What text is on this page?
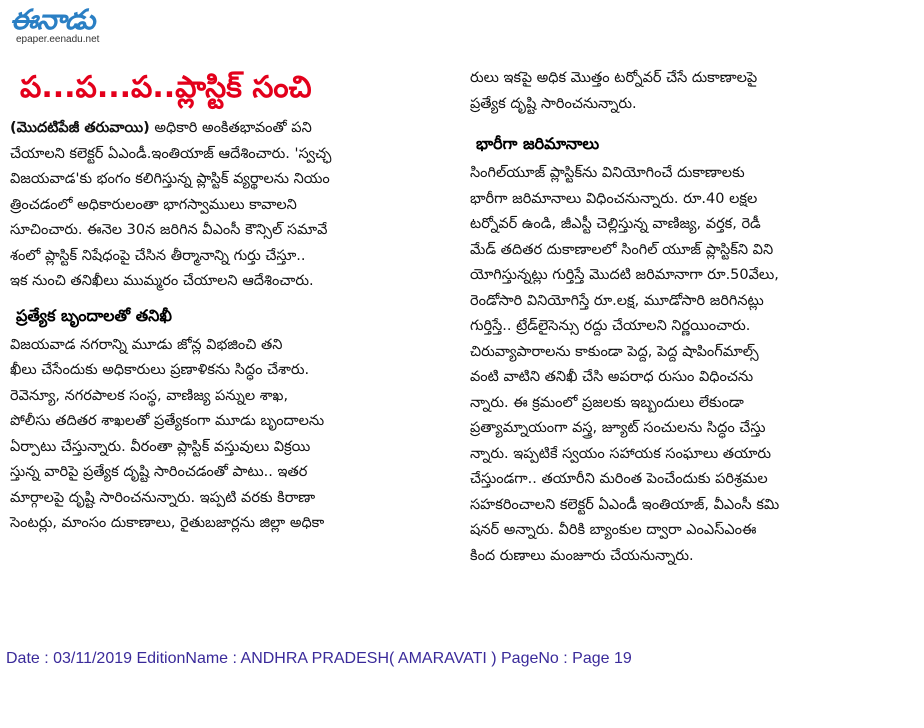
ఈనాడు
epaper.eenadu.net
ప...ప...ప..ప్లాస్టిక్ సంచి

(మొదటిపేజీ తరువాయి) అధికారి అంకితభావంతో పని

చేయాలని కలెక్టర్ ఏఎండీ.ఇంతియాజ్ ఆదేశించారు. 'స్వచ్ఛ

విజయవాడ'కు భంగం కలిగిస్తున్న ప్లాస్టిక్ వ్యర్థాలను నియం

త్రించడంలో అధికారులంతా భాగస్వాములు కావాలని

సూచించారు. ఈనెల 30న జరిగిన వీఎంసీ కౌన్సిల్ సమావే

శంలో ప్లాస్టిక్ నిషేధంపై చేసిన తీర్మానాన్ని గుర్తు చేస్తూ..

ఇక నుంచి తనిఖీలు ముమ్మరం చేయాలని ఆదేశించారు.

ప్రత్యేక బృందాలతో తనిఖీ

విజయవాడ నగరాన్ని మూడు జోన్ల విభజించి తని

ఖీలు చేసేందుకు అధికారులు ప్రణాళికను సిద్ధం చేశారు.

రెవెన్యూ, నగరపాలక సంస్థ, వాణిజ్య పన్నుల శాఖ,

పోలీసు తదితర శాఖలతో ప్రత్యేకంగా మూడు బృందాలను

ఏర్పాటు చేస్తున్నారు. వీరంతా ప్లాస్టిక్ వస్తువులు విక్రయి

స్తున్న వారిపై ప్రత్యేక దృష్టి సారించడంతో పాటు.. ఇతర

మార్గాలపై దృష్టి సారించనున్నారు. ఇప్పటి వరకు కిరాణా

సెంటర్లు, మాంసం దుకాణాలు, రైతుబజార్లను జిల్లా అధికా

రులు ఇకపై అధిక మొత్తం టర్నోవర్ చేసే దుకాణాలపై

ప్రత్యేక దృష్టి సారించనున్నారు.

భారీగా జరిమానాలు

సింగిల్‌యూజ్ ప్లాస్టిక్‌ను వినియోగించే దుకాణాలకు

భారీగా జరిమానాలు విధించనున్నారు. రూ.40 లక్షల

టర్నోవర్ ఉండి, జీఎస్టీ చెల్లిస్తున్న వాణిజ్య, వర్తక, రెడీ

మేడ్ తదితర దుకాణాలలో సింగిల్ యూజ్ ప్లాస్టిక్‌ని విని

యోగిస్తున్నట్లు గుర్తిస్తే మొదటి జరిమానాగా రూ.50వేలు,

రెండోసారి వినియోగిస్తే రూ.లక్ష, మూడోసారి జరిగినట్లు

గుర్తిస్తే.. ట్రేడ్‌లైసెన్సు రద్దు చేయాలని నిర్ణయించారు.

చిరువ్యాపారాలను కాకుండా పెద్ద, పెద్ద షాపింగ్‌మాల్స్

వంటి వాటిని తనిఖీ చేసి అపరాధ రుసుం విధించను

న్నారు. ఈ క్రమంలో ప్రజలకు ఇబ్బందులు లేకుండా

ప్రత్యామ్నాయంగా వస్త్ర, జ్యూట్ సంచులను సిద్ధం చేస్తు

న్నారు. ఇప్పటికే స్వయం సహాయక సంఘాలు తయారు

చేస్తుండగా.. తయారీని మరింత పెంచేందుకు పరిశ్రమల

సహకరించాలని కలెక్టర్ ఏఎండీ ఇంతియాజ్, వీఎంసీ కమి

షనర్ అన్నారు. వీరికి బ్యాంకుల ద్వారా ఎంఎస్ఎంఈ

కింద రుణాలు మంజూరు చేయనున్నారు.

Date : 03/11/2019 EditionName : ANDHRA PRADESH( AMARAVATI ) PageNo : Page 19
